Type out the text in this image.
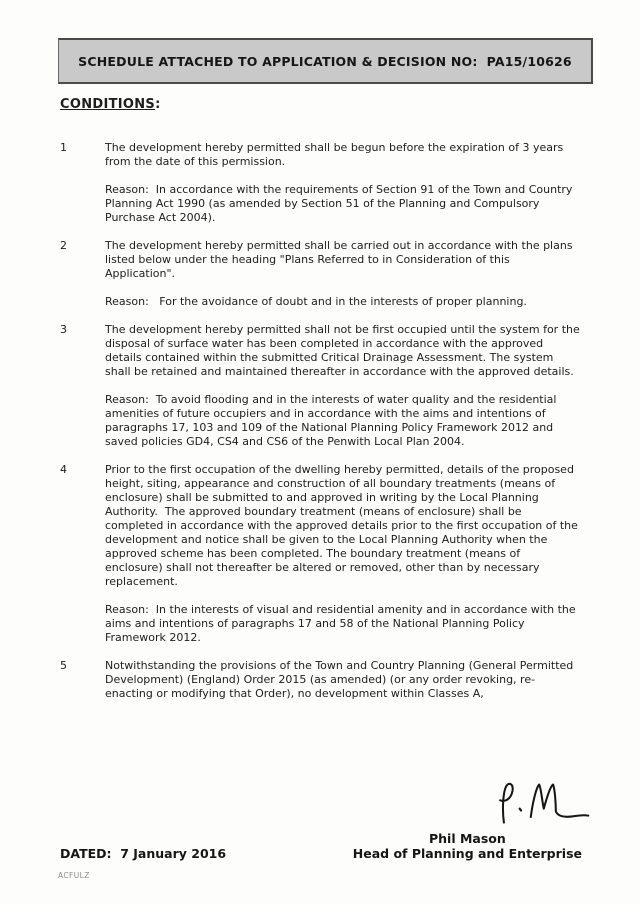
SCHEDULE ATTACHED TO APPLICATION & DECISION NO:  PA15/10626
CONDITIONS:
1	The development hereby permitted shall be begun before the expiration of 3 years from the date of this permission.

Reason:  In accordance with the requirements of Section 91 of the Town and Country Planning Act 1990 (as amended by Section 51 of the Planning and Compulsory Purchase Act 2004).

2	The development hereby permitted shall be carried out in accordance with the plans listed below under the heading "Plans Referred to in Consideration of this Application".

Reason:   For the avoidance of doubt and in the interests of proper planning.

3	The development hereby permitted shall not be first occupied until the system for the disposal of surface water has been completed in accordance with the approved details contained within the submitted Critical Drainage Assessment. The system shall be retained and maintained thereafter in accordance with the approved details.

Reason:  To avoid flooding and in the interests of water quality and the residential amenities of future occupiers and in accordance with the aims and intentions of paragraphs 17, 103 and 109 of the National Planning Policy Framework 2012 and saved policies GD4, CS4 and CS6 of the Penwith Local Plan 2004.

4	Prior to the first occupation of the dwelling hereby permitted, details of the proposed height, siting, appearance and construction of all boundary treatments (means of enclosure) shall be submitted to and approved in writing by the Local Planning Authority.  The approved boundary treatment (means of enclosure) shall be completed in accordance with the approved details prior to the first occupation of the development and notice shall be given to the Local Planning Authority when the approved scheme has been completed. The boundary treatment (means of enclosure) shall not thereafter be altered or removed, other than by necessary replacement.

Reason:  In the interests of visual and residential amenity and in accordance with the aims and intentions of paragraphs 17 and 58 of the National Planning Policy Framework 2012.

5	Notwithstanding the provisions of the Town and Country Planning (General Permitted Development) (England) Order 2015 (as amended) (or any order revoking, re-enacting or modifying that Order), no development within Classes A,

Phil Mason
Head of Planning and Enterprise
DATED:  7 January 2016
ACFULZ
